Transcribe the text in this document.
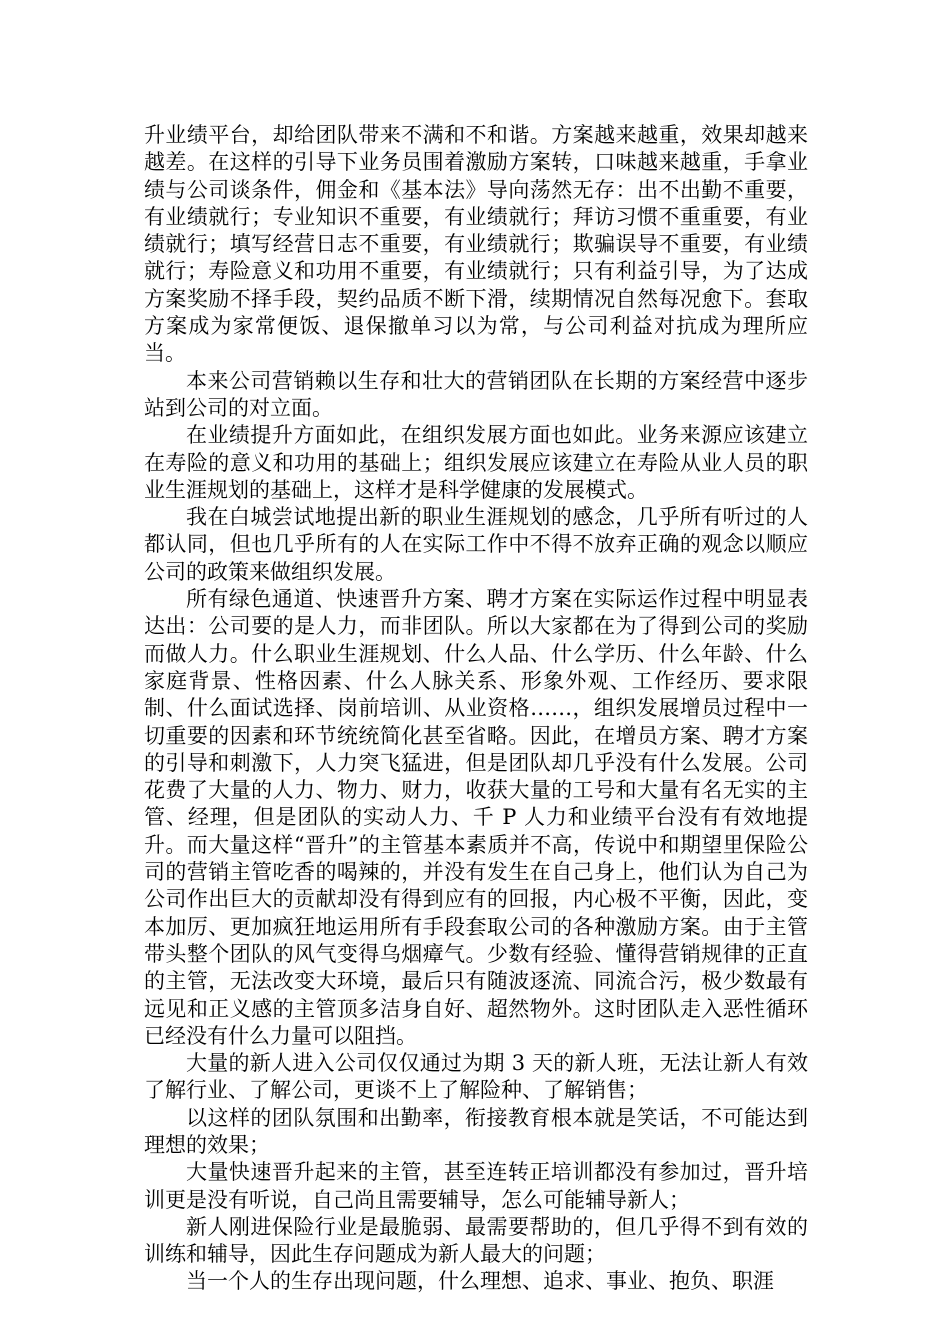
升业绩平台，却给团队带来不满和不和谐。方案越来越重，效果却越来越差。在这样的引导下业务员围着激励方案转，口味越来越重，手拿业绩与公司谈条件，佣金和《基本法》导向荡然无存：出不出勤不重要，有业绩就行；专业知识不重要，有业绩就行；拜访习惯不重重要，有业绩就行；填写经营日志不重要，有业绩就行；欺骗误导不重要，有业绩就行；寿险意义和功用不重要，有业绩就行；只有利益引导，为了达成方案奖励不择手段，契约品质不断下滑，续期情况自然每况愈下。套取方案成为家常便饭、退保撤单习以为常，与公司利益对抗成为理所应当。

本来公司营销赖以生存和壮大的营销团队在长期的方案经营中逐步站到公司的对立面。

在业绩提升方面如此，在组织发展方面也如此。业务来源应该建立在寿险的意义和功用的基础上；组织发展应该建立在寿险从业人员的职业生涯规划的基础上，这样才是科学健康的发展模式。

我在白城尝试地提出新的职业生涯规划的感念，几乎所有听过的人都认同，但也几乎所有的人在实际工作中不得不放弃正确的观念以顺应公司的政策来做组织发展。

所有绿色通道、快速晋升方案、聘才方案在实际运作过程中明显表达出：公司要的是人力，而非团队。所以大家都在为了得到公司的奖励而做人力。什么职业生涯规划、什么人品、什么学历、什么年龄、什么家庭背景、性格因素、什么人脉关系、形象外观、工作经历、要求限制、什么面试选择、岗前培训、从业资格……，组织发展增员过程中一切重要的因素和环节统统简化甚至省略。因此，在增员方案、聘才方案的引导和刺激下，人力突飞猛进，但是团队却几乎没有什么发展。公司花费了大量的人力、物力、财力，收获大量的工号和大量有名无实的主管、经理，但是团队的实动人力、千 P 人力和业绩平台没有有效地提升。而大量这样“晋升”的主管基本素质并不高，传说中和期望里保险公司的营销主管吃香的喝辣的，并没有发生在自己身上，他们认为自己为公司作出巨大的贡献却没有得到应有的回报，内心极不平衡，因此，变本加厉、更加疯狂地运用所有手段套取公司的各种激励方案。由于主管带头整个团队的风气变得乌烟瘴气。少数有经验、懂得营销规律的正直的主管，无法改变大环境，最后只有随波逐流、同流合污，极少数最有远见和正义感的主管顶多洁身自好、超然物外。这时团队走入恶性循环已经没有什么力量可以阻挡。

大量的新人进入公司仅仅通过为期 3 天的新人班，无法让新人有效了解行业、了解公司，更谈不上了解险种、了解销售；

以这样的团队氛围和出勤率，衔接教育根本就是笑话，不可能达到理想的效果；

大量快速晋升起来的主管，甚至连转正培训都没有参加过，晋升培训更是没有听说，自己尚且需要辅导，怎么可能辅导新人；

新人刚进保险行业是最脆弱、最需要帮助的，但几乎得不到有效的训练和辅导，因此生存问题成为新人最大的问题；

当一个人的生存出现问题，什么理想、追求、事业、抱负、职涯
